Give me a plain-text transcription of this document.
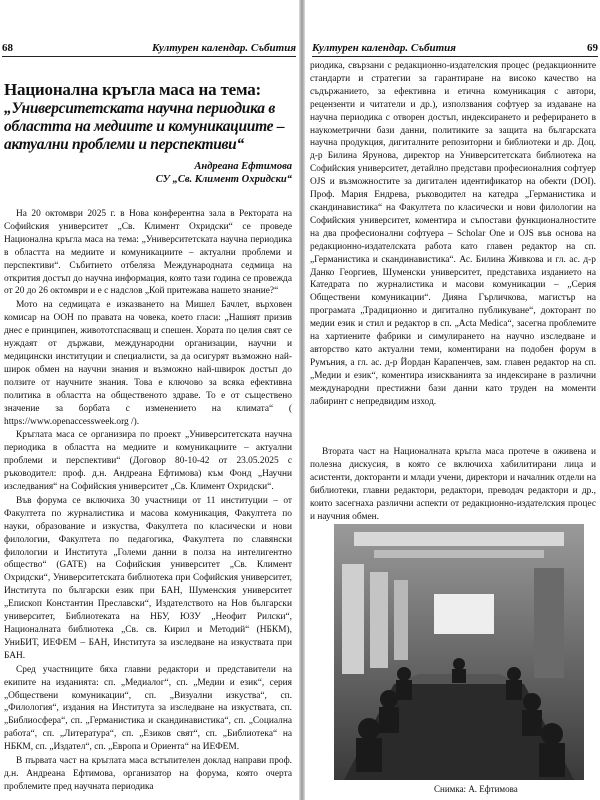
68	Културен календар. Събития
Национална кръгла маса на тема:
„Университетската научна периодика в областта на медиите и комуникациите – актуални проблеми и перспективи“
Андреана Ефтимова
СУ „Св. Климент Охридски“

На 20 октомври 2025 г. в Нова конферентна зала в Ректората на Софийския университет „Св. Климент Охридски“ се проведе Национална кръгла маса на тема: „Университетската научна периодика в областта на медиите и комуникациите – актуални проблеми и перспективи“. Събитието отбеляза Международната седмица на открития достъп до научна информация, която тази година се провежда от 20 до 26 октомври и е с надслов „Кой притежава нашето знание?“

Мото на седмицата е изказването на Мишел Бачлет, върховен комисар на ООН по правата на човека, което гласи: „Нашият призив днес е принципен, живототспасяващ и спешен. Хората по целия свят се нуждаят от държави, международни организации, научни и медицински институции и специалисти, за да осигурят възможно най-широк обмен на научни знания и възможно най-швирок достъп до ползите от научните знания. Това е ключово за всяка ефективна политика в областта на общественото здраве. То е от съществено значение за борбата с изменението на климата“ ( https://www.openaccessweek.org /).

Кръглата маса се организира по проект „Университетската научна периодика в областта на медиите и комуникациите – актуални проблеми и перспективи“ (Договор 80-10-42 от 23.05.2025 с ръководител: проф. д.н. Андреана Ефтимова) към Фонд „Научни изследвания“ на Софийския университет „Св. Климент Охридски“.

Във форума се включиха 30 участници от 11 институции – от Факултета по журналистика и масова комуникация, Факултета по науки, образование и изкуства, Факултета по класически и нови филологии, Факултета по педагогика, Факултета по славянски филологии и Института „Големи данни в полза на интелигентно общество“ (GATE) на Софийския университет „Св. Климент Охридски“, Университетската библиотека при Софийския университет, Института по български език при БАН, Шуменския университет „Епископ Константин Преславски“, Издателството на Нов български университет, Библиотеката на НБУ, ЮЗУ „Неофит Рилски“, Националната библиотека „Св. св. Кирил и Методий“ (НБКМ), УниБИТ, ИЕФЕМ – БАН, Института за изследване на изкуствата при БАН.

Сред участниците бяха главни редактори и представители на екипите на изданията: сп. „Медиалог“, сп. „Медии и език“, серия „Обществени комуникации“, сп. „Визуални изкуства“, сп. „Филология“, издания на Института за изследване на изкуствата, сп. „Библиосфера“, сп. „Германистика и скандинавистика“, сп. „Социална работа“, сп. „Литература“, сп. „Езиков свят“, сп. „Библиотека“ на НБКМ, сп. „Издател“, сп. „Европа и Ориента“ на ИЕФЕМ.

В първата част на кръглата маса встъпителен доклад направи проф. д.н. Андреана Ефтимова, организатор на форума, която очерта проблемите пред научната периодика

Културен календар. Събития	69

риодика, свързани с редакционно-издателския процес (редакционните стандарти и стратегии за гарантиране на високо качество на съдържанието, за ефективна и етична комуникация с автори, рецензенти и читатели и др.), използвания софтуер за издаване на научна периодика с отворен достъп, индексирането и реферирането в наукометрични бази данни, политиките за защита на българската научна продукция, дигиталните репозиторни и библиотеки и др. Доц. д-р Билина Ярунова, директор на Университетската библиотека на Софийския университет, детайлно представи професионалния софтуер OJS и възможностите за дигитален идентификатор на обекти (DOI). Проф. Мария Ендрева, ръководител на катедра „Германистика и скандинавистика“ на Факултета по класически и нови филологии на Софийския университет, коментира и съпостави функционалностите на два професионални софтуера – Scholar One и OJS във основа на редакционно-издателската работа като главен редактор на сп. „Германистика и скандинавистика“. Ас. Билина Живкова и гл. ас. д-р Данко Георгиев, Шуменски университет, представиха изданието на Катедрата по журналистика и масови комуникации – „Серия Обществени комуникации“. Дияна Гърличкова, магистър на програмата „Традиционно и дигитално публикуване“, докторант по медии език и стил и редактор в сп. „Acta Medica“, засегна проблемите на хартиените фабрики и симулирането на научно изследване и авторство като актуални теми, коментирани на подобен форум в Румъния, а гл. ас. д-р Йордан Карапенчев, зам. главен редактор на сп. „Медии и език“, коментира изискванията за индексиране в различни международни престижни бази данни като труден на моменти лабиринт с непредвидим изход.

Втората част на Националната кръгла маса протече в оживена и полезна дискусия, в която се включиха хабилитирани лица и асистенти, докторанти и млади учени, директори и началник отдели на библиотеки, главни редактори, редактори, преводач редактори и др., които засегнаха различни аспекти от редакционно-издателския процес и научния обмен.

Снимка: А. Ефтимова
